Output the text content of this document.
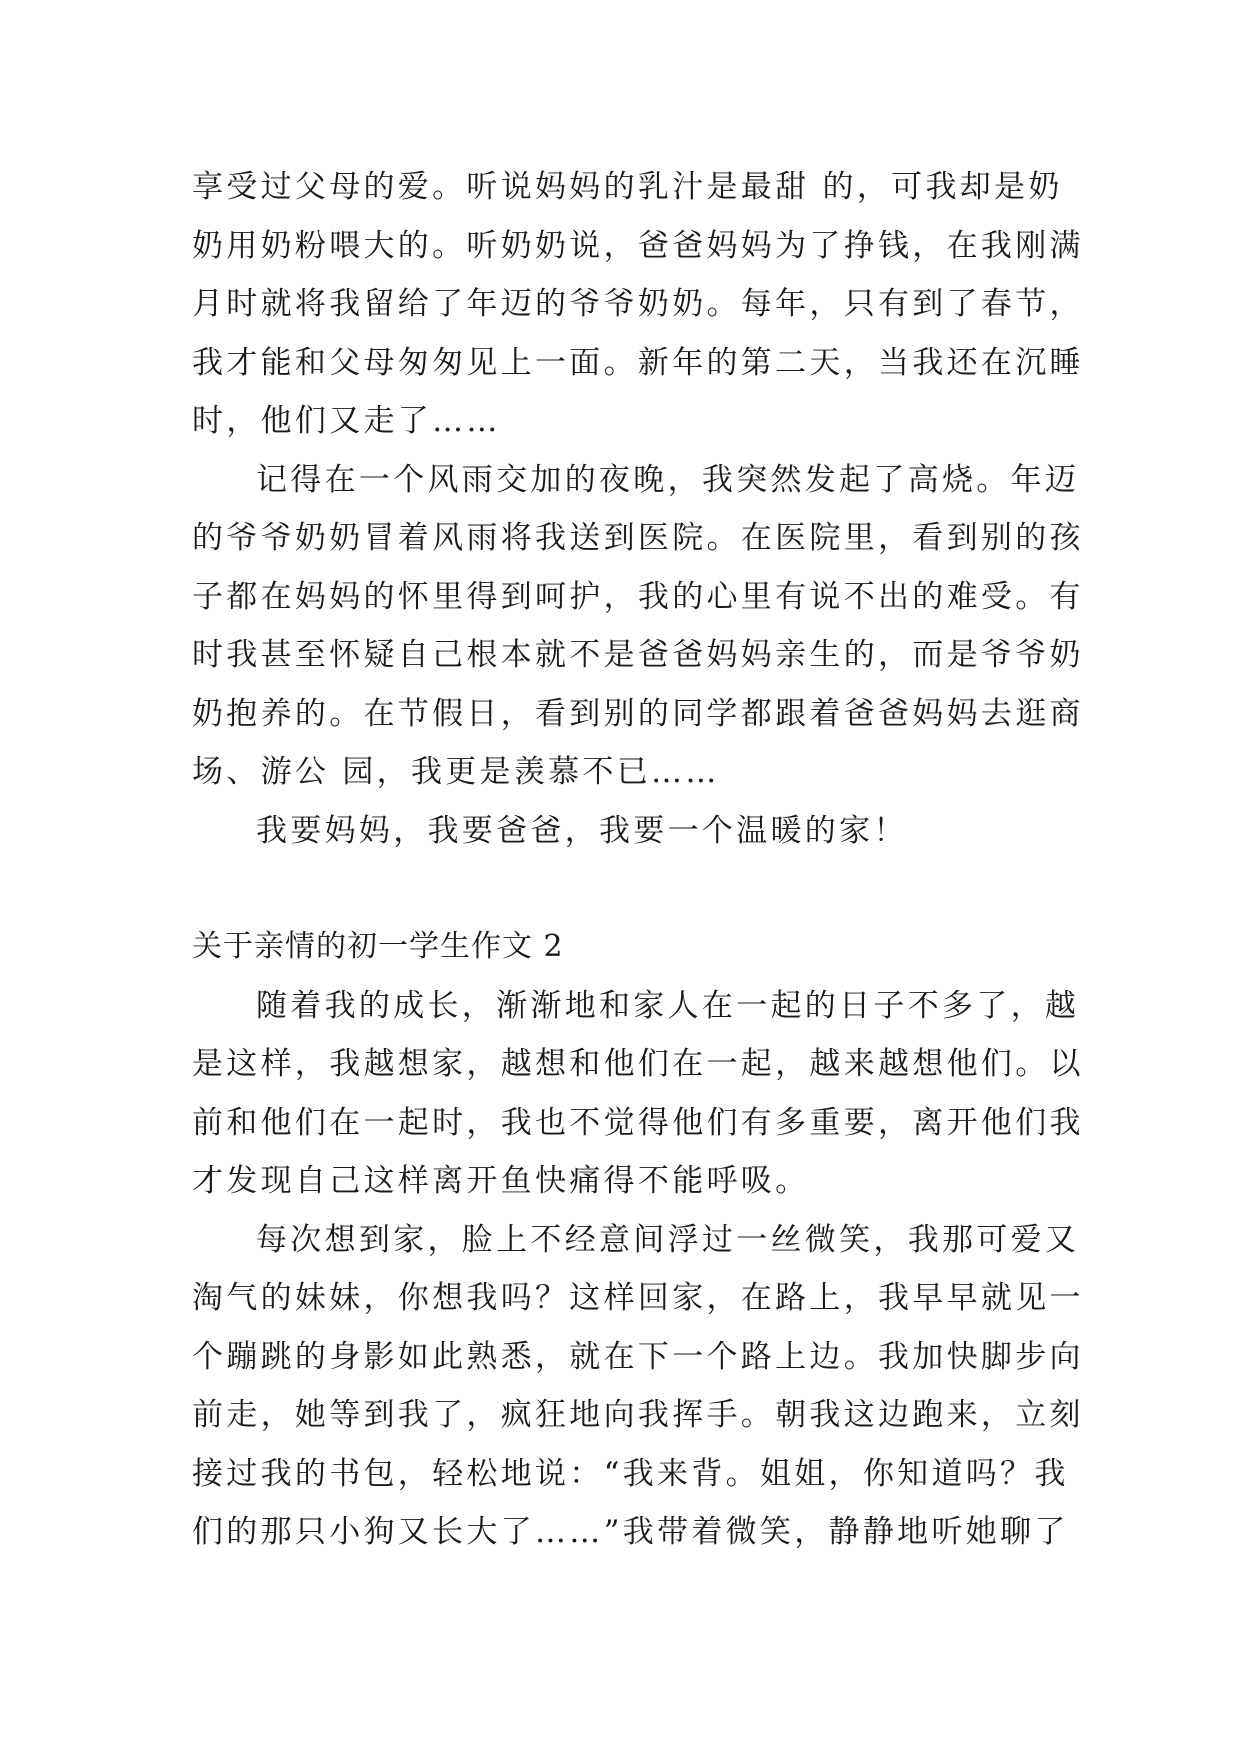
享受过父母的爱。听说妈妈的乳汁是最甜 的，可我却是奶
奶用奶粉喂大的。听奶奶说，爸爸妈妈为了挣钱，在我刚满
月时就将我留给了年迈的爷爷奶奶。每年，只有到了春节，
我才能和父母匆匆见上一面。新年的第二天，当我还在沉睡
时，他们又走了……
记得在一个风雨交加的夜晚，我突然发起了高烧。年迈
的爷爷奶奶冒着风雨将我送到医院。在医院里，看到别的孩
子都在妈妈的怀里得到呵护，我的心里有说不出的难受。有
时我甚至怀疑自己根本就不是爸爸妈妈亲生的，而是爷爷奶
奶抱养的。在节假日，看到别的同学都跟着爸爸妈妈去逛商
场、游公 园，我更是羡慕不已……
我要妈妈，我要爸爸，我要一个温暖的家！
关于亲情的初一学生作文 2
随着我的成长，渐渐地和家人在一起的日子不多了，越
是这样，我越想家，越想和他们在一起，越来越想他们。以
前和他们在一起时，我也不觉得他们有多重要，离开他们我
才发现自己这样离开鱼快痛得不能呼吸。
每次想到家，脸上不经意间浮过一丝微笑，我那可爱又
淘气的妹妹，你想我吗？这样回家，在路上，我早早就见一
个蹦跳的身影如此熟悉，就在下一个路上边。我加快脚步向
前走，她等到我了，疯狂地向我挥手。朝我这边跑来，立刻
接过我的书包，轻松地说：“我来背。姐姐，你知道吗？我
们的那只小狗又长大了……”我带着微笑，静静地听她聊了
